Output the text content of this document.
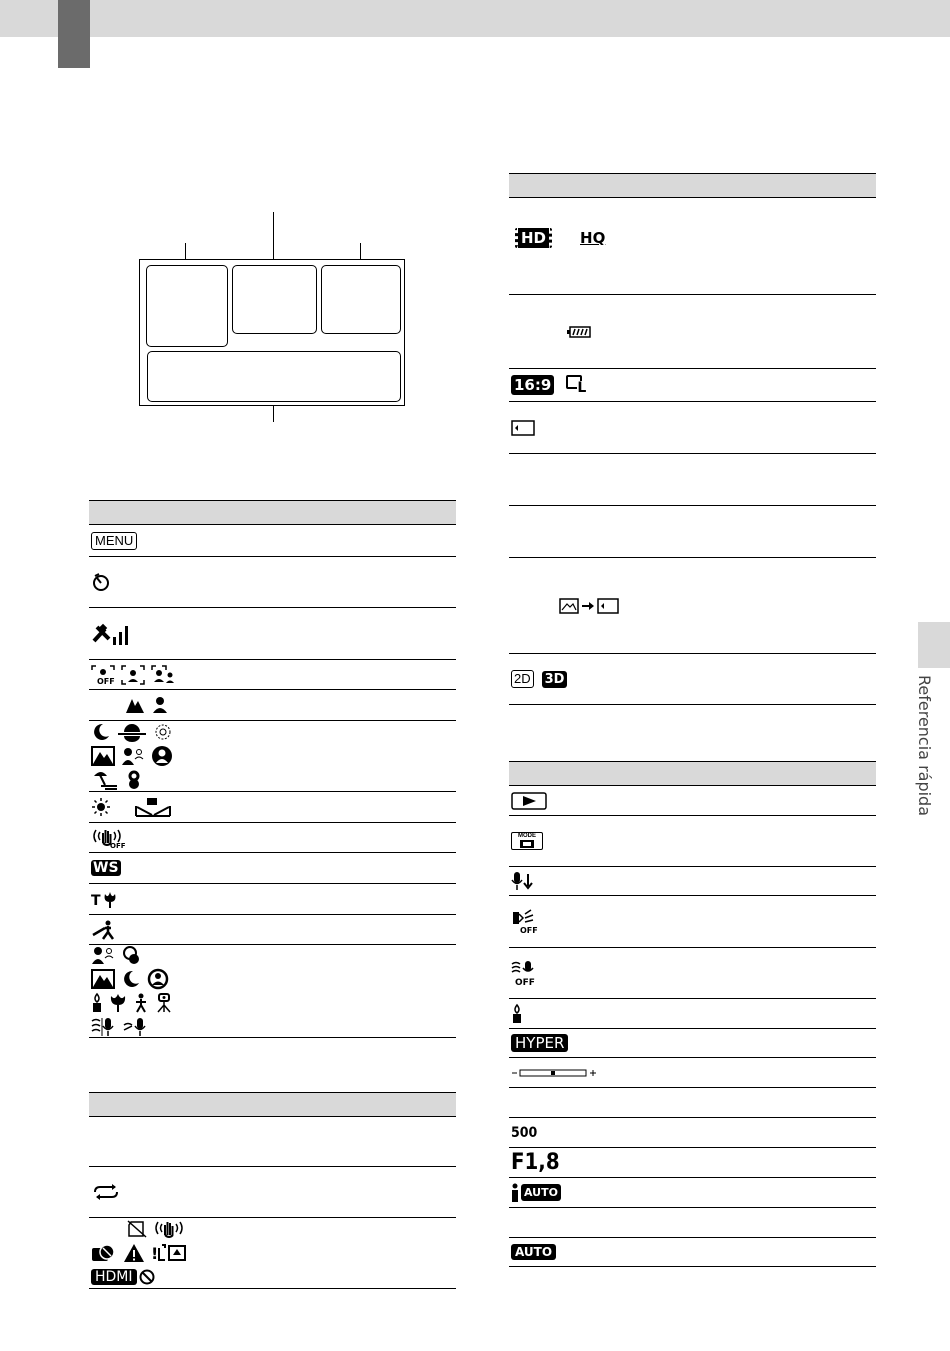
Referencia rápida
MENU
OFF
OFF
WS
T
!
HDMI
HD HQ
16:9 L
2D 3D
MODE
OFF
OFF
HYPER
500
F1,8
AUTO
AUTO
